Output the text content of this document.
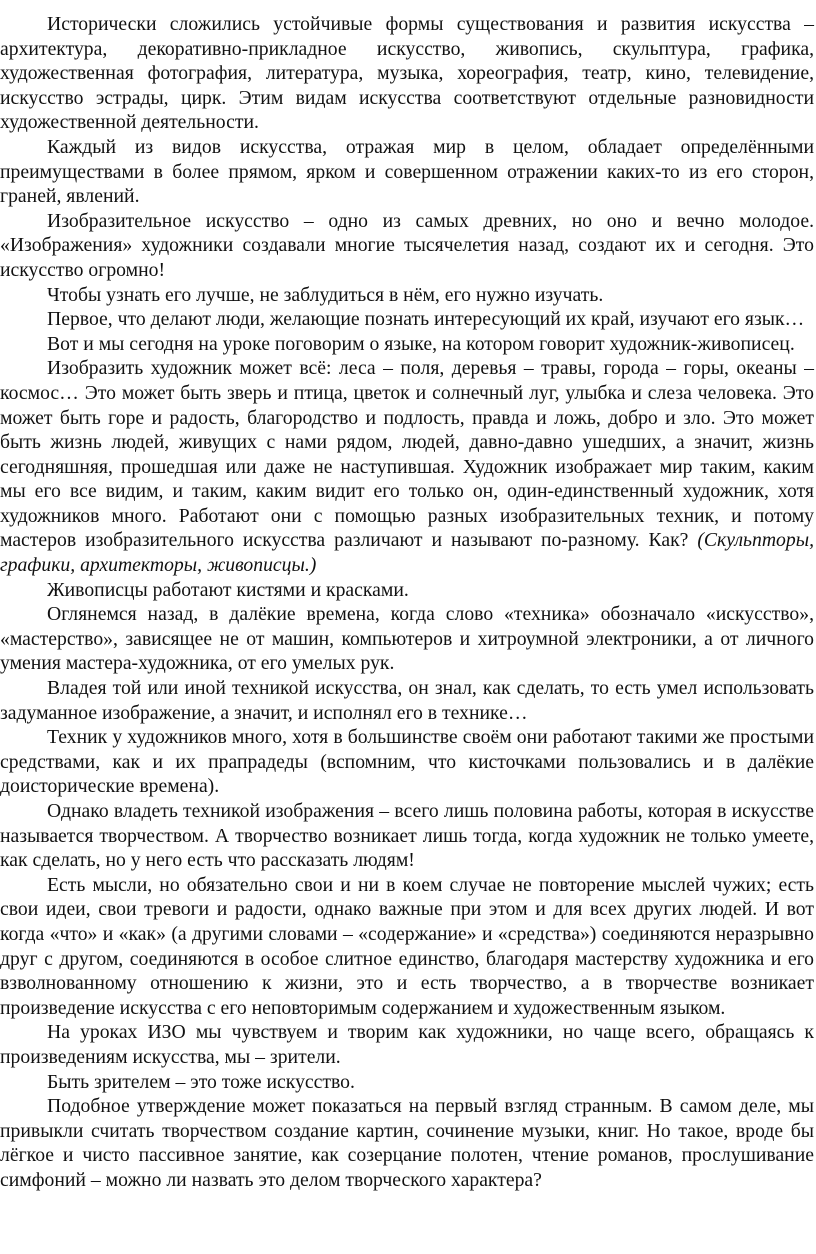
Исторически сложились устойчивые формы существования и развития искусства – архитектура, декоративно-прикладное искусство, живопись, скульптура, графика, художественная фотография, литература, музыка, хореография, театр, кино, телевидение, искусство эстрады, цирк. Этим видам искусства соответствуют отдельные разновидности художественной деятельности.

Каждый из видов искусства, отражая мир в целом, обладает определёнными преимуществами в более прямом, ярком и совершенном отражении каких-то из его сторон, граней, явлений.

Изобразительное искусство – одно из самых древних, но оно и вечно молодое. «Изображения» художники создавали многие тысячелетия назад, создают их и сегодня. Это искусство огромно!

Чтобы узнать его лучше, не заблудиться в нём, его нужно изучать.

Первое, что делают люди, желающие познать интересующий их край, изучают его язык…

Вот и мы сегодня на уроке поговорим о языке, на котором говорит художник-живописец.

Изобразить художник может всё: леса – поля, деревья – травы, города – горы, океаны – космос… Это может быть зверь и птица, цветок и солнечный луг, улыбка и слеза человека. Это может быть горе и радость, благородство и подлость, правда и ложь, добро и зло. Это может быть жизнь людей, живущих с нами рядом, людей, давно-давно ушедших, а значит, жизнь сегодняшняя, прошедшая или даже не наступившая. Художник изображает мир таким, каким мы его все видим, и таким, каким видит его только он, один-единственный художник, хотя художников много. Работают они с помощью разных изобразительных техник, и потому мастеров изобразительного искусства различают и называют по-разному. Как? (Скульпторы, графики, архитекторы, живописцы.)

Живописцы работают кистями и красками.

Оглянемся назад, в далёкие времена, когда слово «техника» обозначало «искусство», «мастерство», зависящее не от машин, компьютеров и хитроумной электроники, а от личного умения мастера-художника, от его умелых рук.

Владея той или иной техникой искусства, он знал, как сделать, то есть умел использовать задуманное изображение, а значит, и исполнял его в технике…

Техник у художников много, хотя в большинстве своём они работают такими же простыми средствами, как и их прапрадеды (вспомним, что кисточками пользовались и в далёкие доисторические времена).

Однако владеть техникой изображения – всего лишь половина работы, которая в искусстве называется творчеством. А творчество возникает лишь тогда, когда художник не только умеете, как сделать, но у него есть что рассказать людям!

Есть мысли, но обязательно свои и ни в коем случае не повторение мыслей чужих; есть свои идеи, свои тревоги и радости, однако важные при этом и для всех других людей. И вот когда «что» и «как» (а другими словами – «содержание» и «средства») соединяются неразрывно друг с другом, соединяются в особое слитное единство, благодаря мастерству художника и его взволнованному отношению к жизни, это и есть творчество, а в творчестве возникает произведение искусства с его неповторимым содержанием и художественным языком.

На уроках ИЗО мы чувствуем и творим как художники, но чаще всего, обращаясь к произведениям искусства, мы – зрители.

Быть зрителем – это тоже искусство.

Подобное утверждение может показаться на первый взгляд странным. В самом деле, мы привыкли считать творчеством создание картин, сочинение музыки, книг. Но такое, вроде бы лёгкое и чисто пассивное занятие, как созерцание полотен, чтение романов, прослушивание симфоний – можно ли назвать это делом творческого характера?
